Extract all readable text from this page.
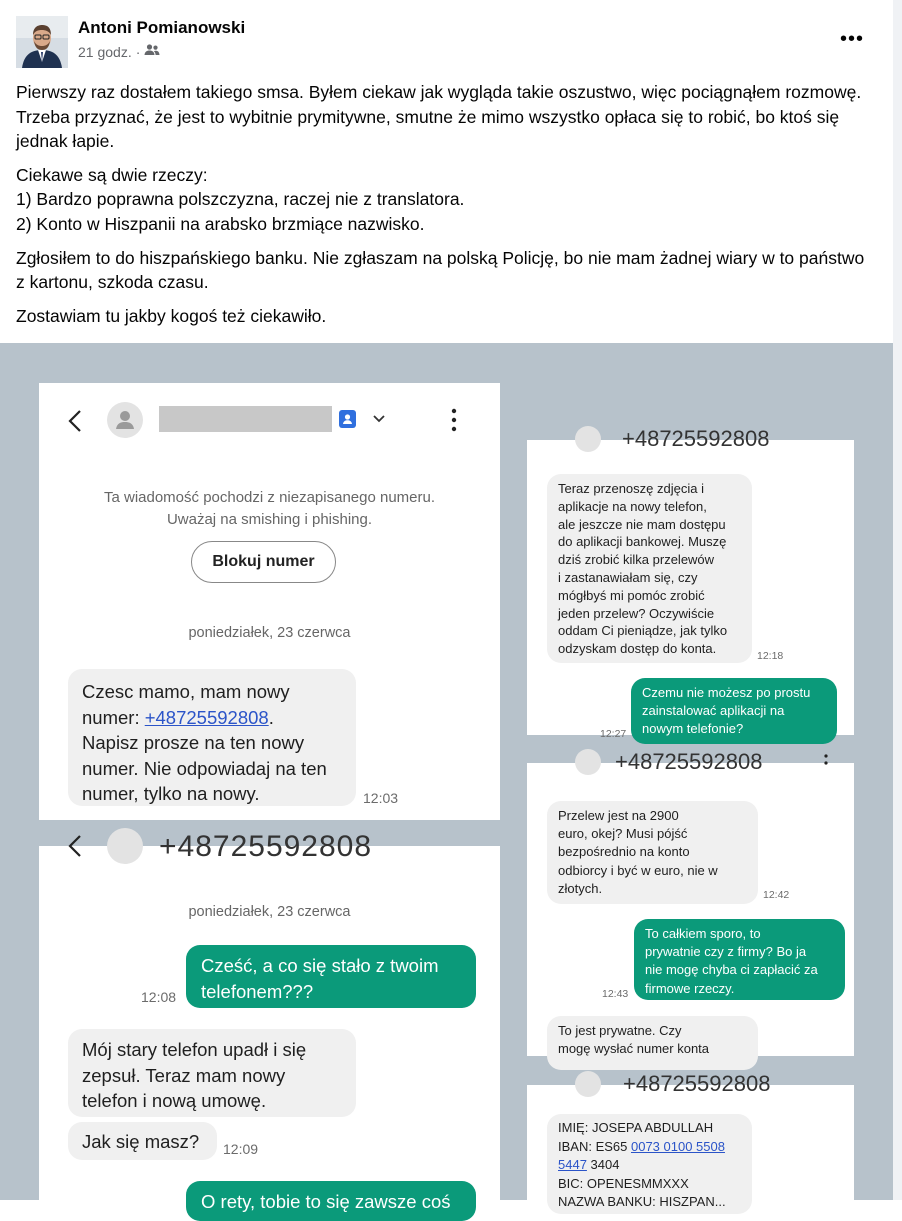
Antoni Pomianowski
21 godz. ·
•••

Pierwszy raz dostałem takiego smsa. Byłem ciekaw jak wygląda takie oszustwo, więc pociągnąłem rozmowę. Trzeba przyznać, że jest to wybitnie prymitywne, smutne że mimo wszystko opłaca się to robić, bo ktoś się jednak łapie.

Ciekawe są dwie rzeczy:

1) Bardzo poprawna polszczyzna, raczej nie z translatora.

2) Konto w Hiszpanii na arabsko brzmiące nazwisko.

Zgłosiłem to do hiszpańskiego banku. Nie zgłaszam na polską Policję, bo nie mam żadnej wiary w to państwo z kartonu, szkoda czasu.

Zostawiam tu jakby kogoś też ciekawiło.

Ta wiadomość pochodzi z niezapisanego numeru.
Uważaj na smishing i phishing.
Blokuj numer
poniedziałek, 23 czerwca
Czesc mamo, mam nowy
numer: +48725592808.
Napisz prosze na ten nowy
numer. Nie odpowiadaj na ten
numer, tylko na nowy.	12:03
+48725592808
poniedziałek, 23 czerwca
Cześć, a co się stało z twoim
telefonem???
12:08
Mój stary telefon upadł i się
zepsuł. Teraz mam nowy
telefon i nową umowę.
Jak się masz?	12:09
O rety, tobie to się zawsze coś
+48725592808
Teraz przenoszę zdjęcia i
aplikacje na nowy telefon,
ale jeszcze nie mam dostępu
do aplikacji bankowej. Muszę
dziś zrobić kilka przelewów
i zastanawiałam się, czy
mógłbyś mi pomóc zrobić
jeden przelew? Oczywiście
oddam Ci pieniądze, jak tylko
odzyskam dostęp do konta.	12:18
Czemu nie możesz po prostu
zainstalować aplikacji na
nowym telefonie?
12:27
+48725592808
Przelew jest na 2900
euro, okej? Musi pójść
bezpośrednio na konto
odbiorcy i być w euro, nie w
złotych.	12:42
To całkiem sporo, to
prywatnie czy z firmy? Bo ja
nie mogę chyba ci zapłacić za
firmowe rzeczy.
12:43
To jest prywatne. Czy
mogę wysłać numer konta
+48725592808
IMIĘ: JOSEPA ABDULLAH
IBAN: ES65 0073 0100 5508
5447 3404
BIC: OPENESMMXXX
NAZWA BANKU: HISZPAN...
